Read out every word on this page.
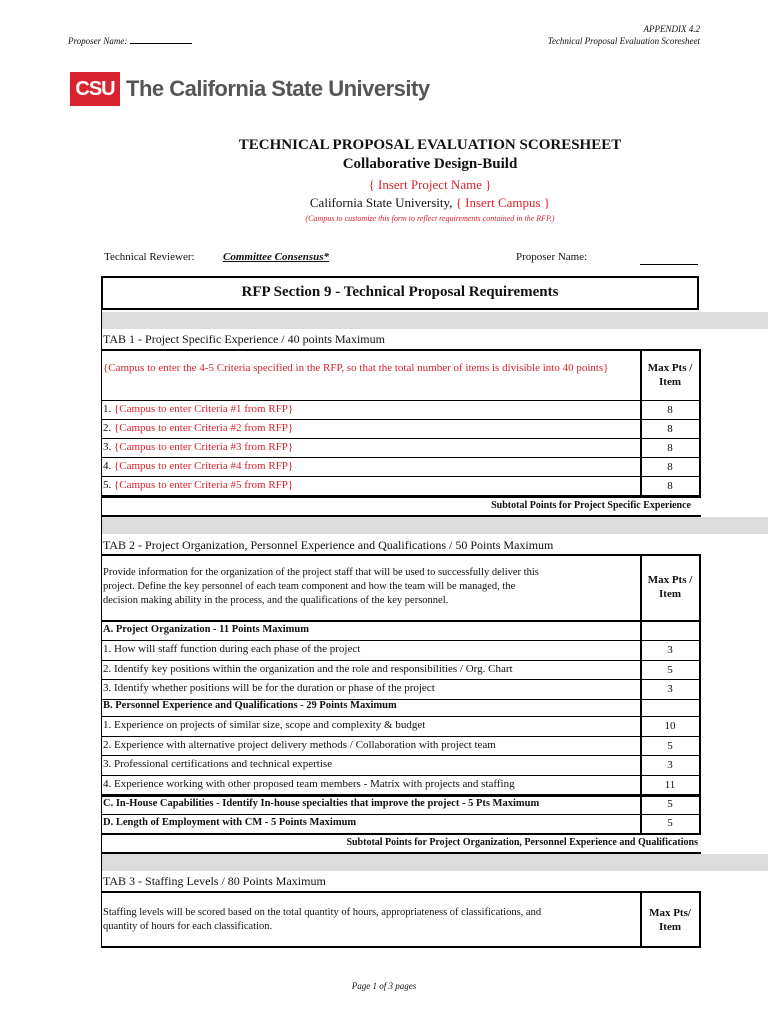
Proposer Name:
APPENDIX 4.2
Technical Proposal Evaluation Scoresheet
CSU The California State University
TECHNICAL PROPOSAL EVALUATION SCORESHEET
Collaborative Design-Build
{ Insert Project Name }
California State University, { Insert Campus }
(Campus to customize this form to reflect requirements contained in the RFP.)
Technical Reviewer:	Committee Consensus*	Proposer Name:
RFP Section 9 - Technical Proposal Requirements
TAB 1 - Project Specific Experience / 40 points Maximum
{Campus to enter the 4-5 Criteria specified in the RFP, so that the total number of items is divisible into 40 points}	Max Pts /
Item
1. {Campus to enter Criteria #1 from RFP}	8
2. {Campus to enter Criteria #2 from RFP}	8
3. {Campus to enter Criteria #3 from RFP}	8
4. {Campus to enter Criteria #4 from RFP}	8
5. {Campus to enter Criteria #5 from RFP}	8
Subtotal Points for Project Specific Experience
TAB 2 - Project Organization, Personnel Experience and Qualifications / 50 Points Maximum
Provide information for the organization of the project staff that will be used to successfully deliver this
project. Define the key personnel of each team component and how the team will be managed, the
decision making ability in the process, and the qualifications of the key personnel.
Max Pts /
Item
A. Project Organization - 11 Points Maximum
1. How will staff function during each phase of the project	3
2. Identify key positions within the organization and the role and responsibilities / Org. Chart	5
3. Identify whether positions will be for the duration or phase of the project	3
B. Personnel Experience and Qualifications - 29 Points Maximum
1. Experience on projects of similar size, scope and complexity & budget	10
2. Experience with alternative project delivery methods / Collaboration with project team	5
3. Professional certifications and technical expertise	3
4. Experience working with other proposed team members - Matrix with projects and staffing	11
C. In-House Capabilities - Identify In-house specialties that improve the project - 5 Pts Maximum	5
D. Length of Employment with CM - 5 Points Maximum	5
Subtotal Points for Project Organization, Personnel Experience and Qualifications
TAB 3 - Staffing Levels / 80 Points Maximum
Staffing levels will be scored based on the total quantity of hours, appropriateness of classifications, and
quantity of hours for each classification.
Max Pts/
Item
Page 1 of 3 pages
